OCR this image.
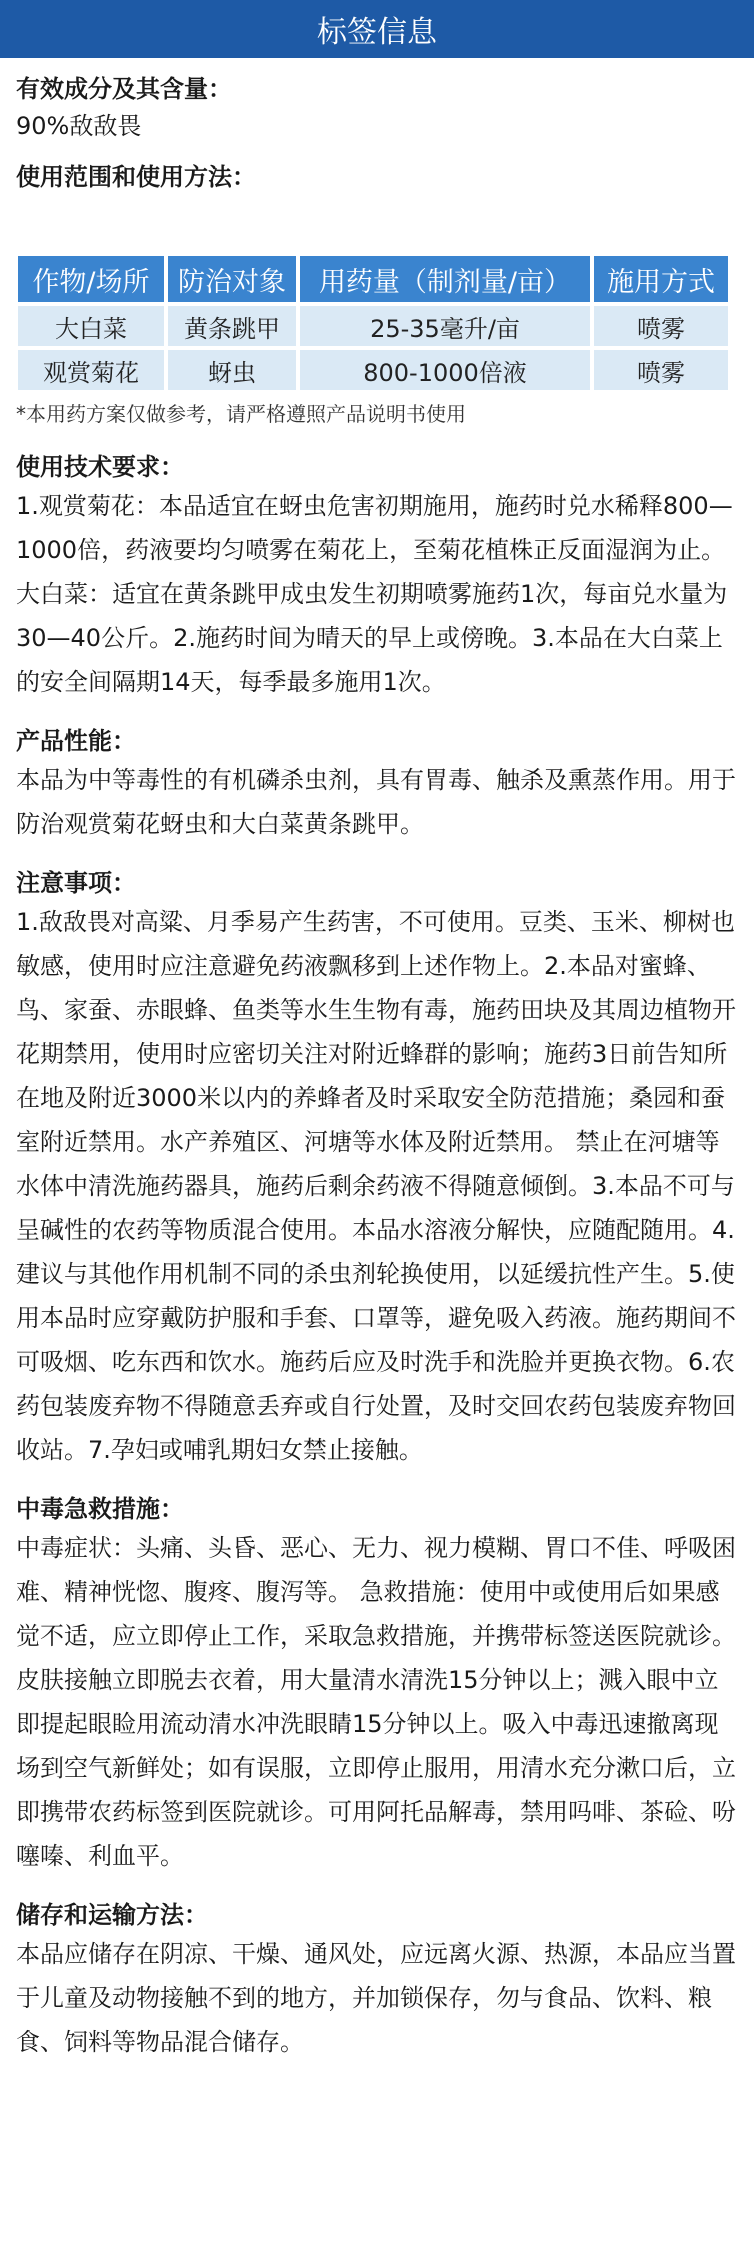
标签信息
有效成分及其含量：

90%敌敌畏

使用范围和使用方法：
作物/场所	防治对象	用药量（制剂量/亩）	施用方式
大白菜	黄条跳甲	25-35毫升/亩	喷雾
观赏菊花	蚜虫	800-1000倍液	喷雾

*本用药方案仅做参考，请严格遵照产品说明书使用

使用技术要求：

1.观赏菊花：本品适宜在蚜虫危害初期施用，施药时兑水稀释800—1000倍，药液要均匀喷雾在菊花上，至菊花植株正反面湿润为止。大白菜：适宜在黄条跳甲成虫发生初期喷雾施药1次，每亩兑水量为30—40公斤。2.施药时间为晴天的早上或傍晚。3.本品在大白菜上的安全间隔期14天，每季最多施用1次。

产品性能：

本品为中等毒性的有机磷杀虫剂，具有胃毒、触杀及熏蒸作用。用于防治观赏菊花蚜虫和大白菜黄条跳甲。

注意事项：

1.敌敌畏对高粱、月季易产生药害，不可使用。豆类、玉米、柳树也敏感，使用时应注意避免药液飘移到上述作物上。2.本品对蜜蜂、鸟、家蚕、赤眼蜂、鱼类等水生生物有毒，施药田块及其周边植物开花期禁用，使用时应密切关注对附近蜂群的影响；施药3日前告知所在地及附近3000米以内的养蜂者及时采取安全防范措施；桑园和蚕室附近禁用。水产养殖区、河塘等水体及附近禁用。 禁止在河塘等水体中清洗施药器具，施药后剩余药液不得随意倾倒。3.本品不可与呈碱性的农药等物质混合使用。本品水溶液分解快，应随配随用。4.建议与其他作用机制不同的杀虫剂轮换使用，以延缓抗性产生。5.使用本品时应穿戴防护服和手套、口罩等，避免吸入药液。施药期间不可吸烟、吃东西和饮水。施药后应及时洗手和洗脸并更换衣物。6.农药包装废弃物不得随意丢弃或自行处置，及时交回农药包装废弃物回收站。7.孕妇或哺乳期妇女禁止接触。

中毒急救措施：

中毒症状：头痛、头昏、恶心、无力、视力模糊、胃口不佳、呼吸困难、精神恍惚、腹疼、腹泻等。 急救措施：使用中或使用后如果感觉不适，应立即停止工作，采取急救措施，并携带标签送医院就诊。皮肤接触立即脱去衣着，用大量清水清洗15分钟以上；溅入眼中立即提起眼睑用流动清水冲洗眼睛15分钟以上。吸入中毒迅速撤离现场到空气新鲜处；如有误服，立即停止服用，用清水充分漱口后，立即携带农药标签到医院就诊。可用阿托品解毒，禁用吗啡、茶硷、吩噻嗪、利血平。

储存和运输方法：

本品应储存在阴凉、干燥、通风处，应远离火源、热源，本品应当置于儿童及动物接触不到的地方，并加锁保存，勿与食品、饮料、粮食、饲料等物品混合储存。
